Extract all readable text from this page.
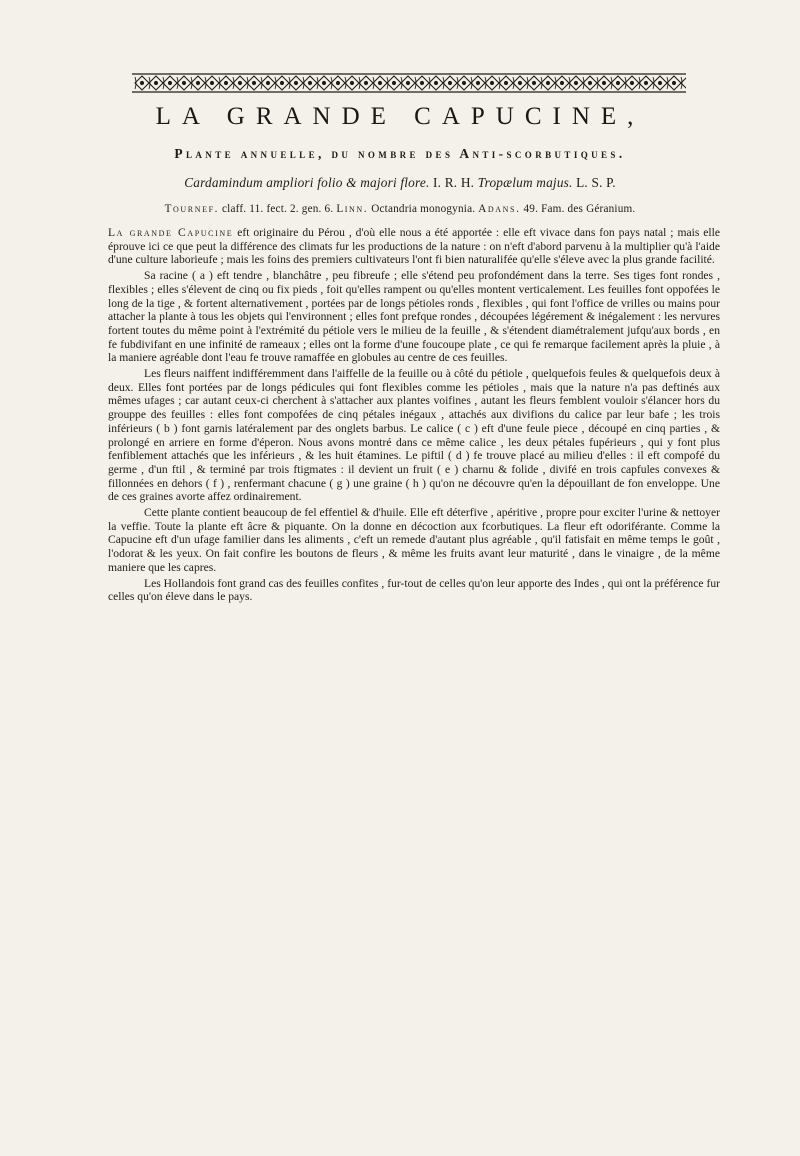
LA GRANDE CAPUCINE,
Plante annuelle, du nombre des Anti-scorbutiques.
Cardamindum ampliori folio & majori flore. I. R. H. Tropælum majus. L. S. P.
Tournef. claff. 11. fect. 2. gen. 6. Linn. Octandria monogynia. Adans. 49. Fam. des Géranium.

La grande Capucine eft originaire du Pérou , d'où elle nous a été apportée : elle eft vivace dans fon pays natal ; mais elle éprouve ici ce que peut la différence des climats fur les productions de la nature : on n'eft d'abord parvenu à la multiplier qu'à l'aide d'une culture laborieufe ; mais les foins des premiers cultivateurs l'ont fi bien naturalifée qu'elle s'éleve avec la plus grande facilité.

Sa racine ( a ) eft tendre , blanchâtre , peu fibreufe ; elle s'étend peu profondément dans la terre. Ses tiges font rondes , flexibles ; elles s'élevent de cinq ou fix pieds , foit qu'elles rampent ou qu'elles montent verticalement. Les feuilles font oppofées le long de la tige , & fortent alternativement , portées par de longs pétioles ronds , flexibles , qui font l'office de vrilles ou mains pour attacher la plante à tous les objets qui l'environnent ; elles font prefque rondes , découpées légérement & inégalement : les nervures fortent toutes du même point à l'extrémité du pétiole vers le milieu de la feuille , & s'étendent diamétralement jufqu'aux bords , en fe fubdivifant en une infinité de rameaux ; elles ont la forme d'une foucoupe plate , ce qui fe remarque facilement après la pluie , à la maniere agréable dont l'eau fe trouve ramaffée en globules au centre de ces feuilles.

Les fleurs naiffent indifféremment dans l'aiffelle de la feuille ou à côté du pétiole , quelquefois feules & quelquefois deux à deux. Elles font portées par de longs pédicules qui font flexibles comme les pétioles , mais que la nature n'a pas deftinés aux mêmes ufages ; car autant ceux-ci cherchent à s'attacher aux plantes voifines , autant les fleurs femblent vouloir s'élancer hors du grouppe des feuilles : elles font compofées de cinq pétales inégaux , attachés aux divifions du calice par leur bafe ; les trois inférieurs ( b ) font garnis latéralement par des onglets barbus. Le calice ( c ) eft d'une feule piece , découpé en cinq parties , & prolongé en arriere en forme d'éperon. Nous avons montré dans ce même calice , les deux pétales fupérieurs , qui y font plus fenfiblement attachés que les inférieurs , & les huit étamines. Le piftil ( d ) fe trouve placé au milieu d'elles : il eft compofé du germe , d'un ftil , & terminé par trois ftigmates : il devient un fruit ( e ) charnu & folide , divifé en trois capfules convexes & fillonnées en dehors ( f ) , renfermant chacune ( g ) une graine ( h ) qu'on ne découvre qu'en la dépouillant de fon enveloppe. Une de ces graines avorte affez ordinairement.

Cette plante contient beaucoup de fel effentiel & d'huile. Elle eft déterfive , apéritive , propre pour exciter l'urine & nettoyer la veffie. Toute la plante eft âcre & piquante. On la donne en décoction aux fcorbutiques. La fleur eft odoriférante. Comme la Capucine eft d'un ufage familier dans les aliments , c'eft un remede d'autant plus agréable , qu'il fatisfait en même temps le goût , l'odorat & les yeux. On fait confire les boutons de fleurs , & même les fruits avant leur maturité , dans le vinaigre , de la même maniere que les capres.

Les Hollandois font grand cas des feuilles confites , fur-tout de celles qu'on leur apporte des Indes , qui ont la préférence fur celles qu'on éleve dans le pays.
